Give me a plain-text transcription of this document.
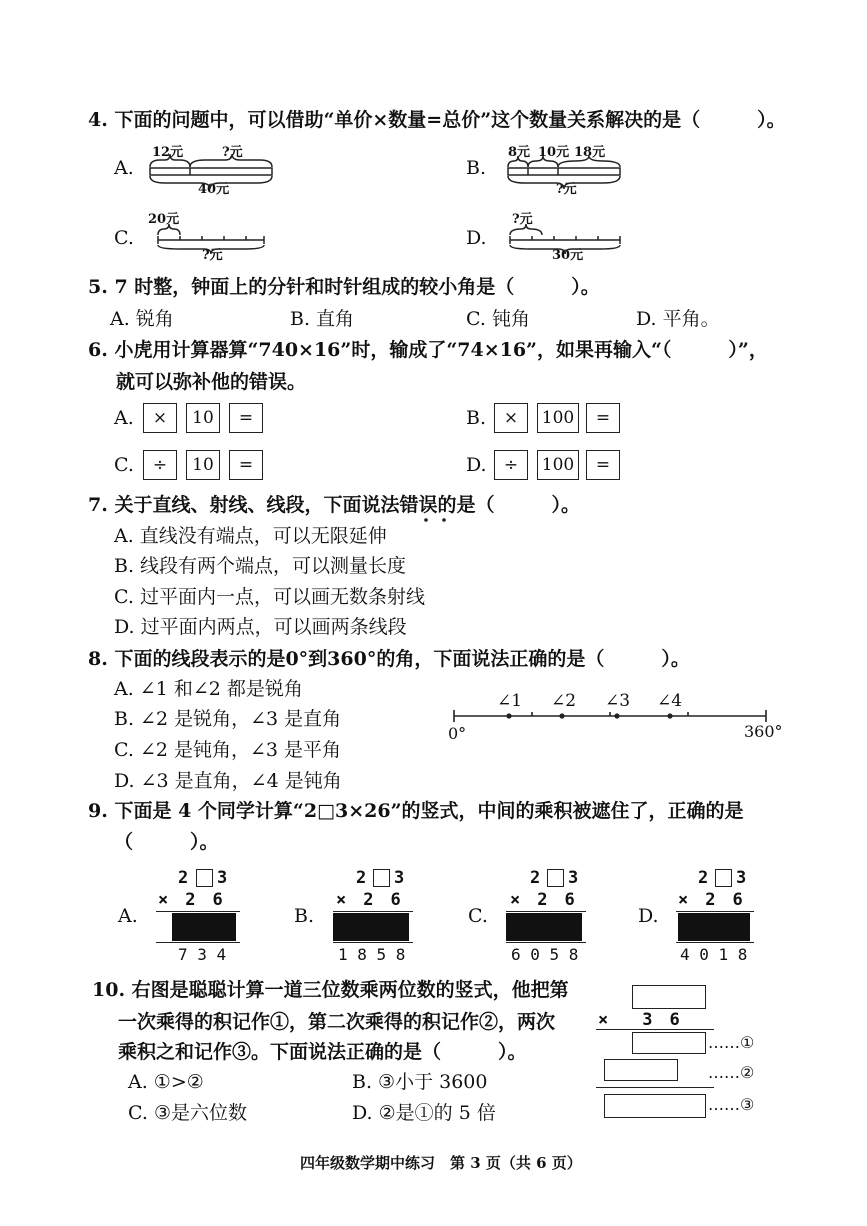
4. 下面的问题中，可以借助“单价×数量=总价”这个数量关系解决的是（　　　）。
A.
12元	?元
40元
B.
8元 10元 18元
?元
C.
20元
?元
D.
?元
30元
5. 7 时整，钟面上的分针和时针组成的较小角是（　　　）。
A. 锐角	B. 直角	C. 钝角	D. 平角。
6. 小虎用计算器算“740×16”时，输成了“74×16”，如果再输入“（　　　）”，
就可以弥补他的错误。
A.	×	10	=	B.	×	100	=
C.	÷	10	=	D.	÷	100	=
7. 关于直线、射线、线段，下面说法错误的是（　　　）。
A. 直线没有端点，可以无限延伸
B. 线段有两个端点，可以测量长度
C. 过平面内一点，可以画无数条射线
D. 过平面内两点，可以画两条线段
8. 下面的线段表示的是0°到360°的角，下面说法正确的是（　　　）。
A. ∠1 和∠2 都是锐角
B. ∠2 是锐角，∠3 是直角
C. ∠2 是钝角，∠3 是平角
D. ∠3 是直角，∠4 是钝角
0°	360°
∠1 ∠2 ∠3 ∠4
9. 下面是 4 个同学计算“2□3×26”的竖式，中间的乘积被遮住了，正确的是
（　　　）。
A.
2 3
×　2　6
7 3 4
B.
2 3
×　2　6
1 8 5 8
C.
2 3
×　2　6
6 0 5 8
D.
2 3
×　2　6
4 0 1 8
10. 右图是聪聪计算一道三位数乘两位数的竖式，他把第
一次乘得的积记作①，第二次乘得的积记作②，两次
乘积之和记作③。下面说法正确的是（　　　）。
A. ①>②	B. ③小于 3600
C. ③是六位数	D. ②是①的 5 倍
×　　3　6
……①
……②
……③
四年级数学期中练习　第 3 页（共 6 页）
